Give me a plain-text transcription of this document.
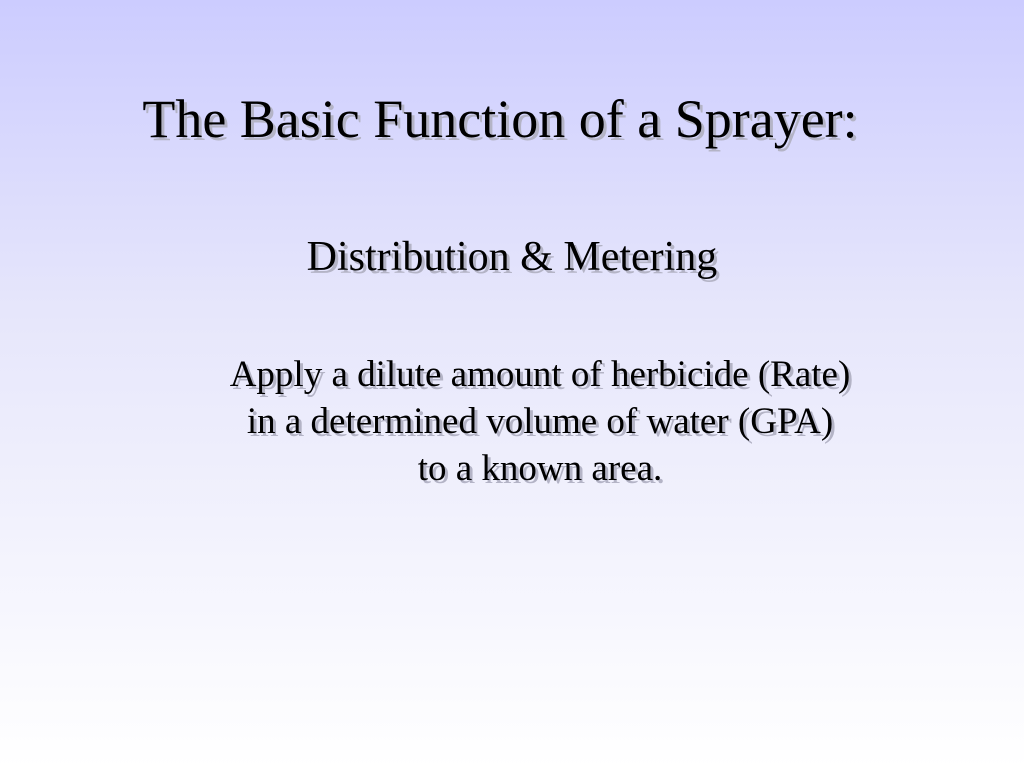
The Basic Function of a Sprayer:
Distribution & Metering
Apply a dilute amount of herbicide (Rate)
in a determined volume of water (GPA)
to a known area.
